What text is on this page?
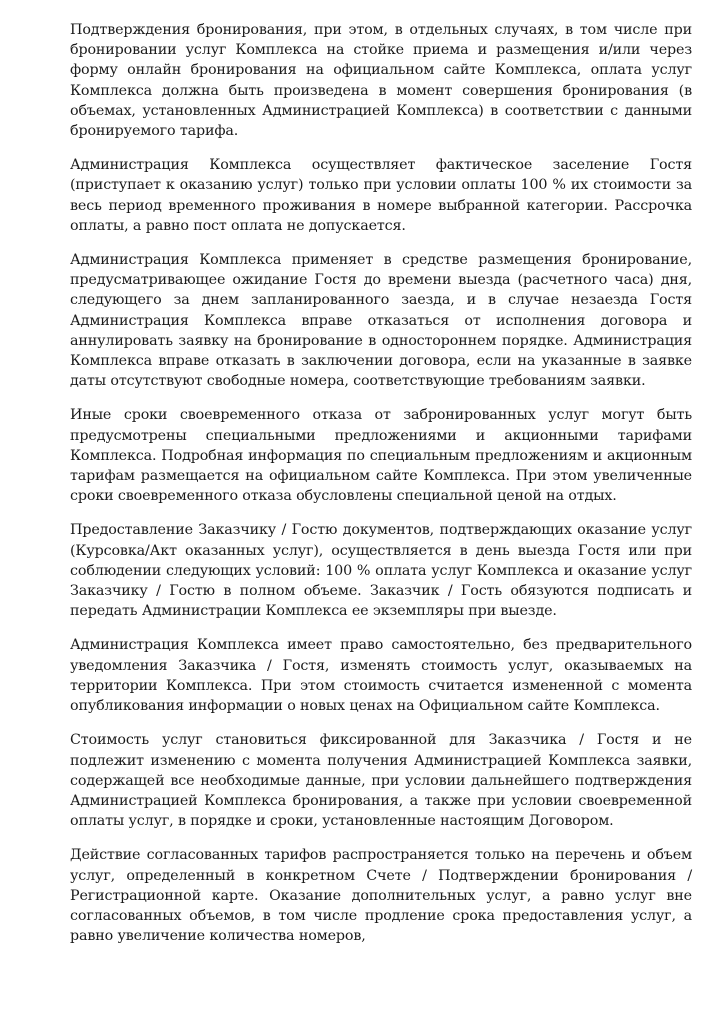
Подтверждения бронирования, при этом, в отдельных случаях, в том числе при бронировании услуг Комплекса на стойке приема и размещения и/или через форму онлайн бронирования на официальном сайте Комплекса, оплата услуг Комплекса должна быть произведена в момент совершения бронирования (в объемах, установленных Администрацией Комплекса) в соответствии с данными бронируемого тарифа.

Администрация Комплекса осуществляет фактическое заселение Гостя (приступает к оказанию услуг) только при условии оплаты 100 % их стоимости за весь период временного проживания в номере выбранной категории. Рассрочка оплаты, а равно пост оплата не допускается.

Администрация Комплекса применяет в средстве размещения бронирование, предусматривающее ожидание Гостя до времени выезда (расчетного часа) дня, следующего за днем запланированного заезда, и в случае незаезда Гостя Администрация Комплекса вправе отказаться от исполнения договора и аннулировать заявку на бронирование в одностороннем порядке. Администрация Комплекса вправе отказать в заключении договора, если на указанные в заявке даты отсутствуют свободные номера, соответствующие требованиям заявки.

Иные сроки своевременного отказа от забронированных услуг могут быть предусмотрены специальными предложениями и акционными тарифами Комплекса. Подробная информация по специальным предложениям и акционным тарифам размещается на официальном сайте Комплекса. При этом увеличенные сроки своевременного отказа обусловлены специальной ценой на отдых.

Предоставление Заказчику / Гостю документов, подтверждающих оказание услуг (Курсовка/Акт оказанных услуг), осуществляется в день выезда Гостя или при соблюдении следующих условий: 100 % оплата услуг Комплекса и оказание услуг Заказчику / Гостю в полном объеме. Заказчик / Гость обязуются подписать и передать Администрации Комплекса ее экземпляры при выезде.

Администрация Комплекса имеет право самостоятельно, без предварительного уведомления Заказчика / Гостя, изменять стоимость услуг, оказываемых на территории Комплекса. При этом стоимость считается измененной с момента опубликования информации о новых ценах на Официальном сайте Комплекса.

Стоимость услуг становиться фиксированной для Заказчика / Гостя и не подлежит изменению с момента получения Администрацией Комплекса заявки, содержащей все необходимые данные, при условии дальнейшего подтверждения Администрацией Комплекса бронирования, а также при условии своевременной оплаты услуг, в порядке и сроки, установленные настоящим Договором.

Действие согласованных тарифов распространяется только на перечень и объем услуг, определенный в конкретном Счете / Подтверждении бронирования / Регистрационной карте. Оказание дополнительных услуг, а равно услуг вне согласованных объемов, в том числе продление срока предоставления услуг, а равно увеличение количества номеров,
